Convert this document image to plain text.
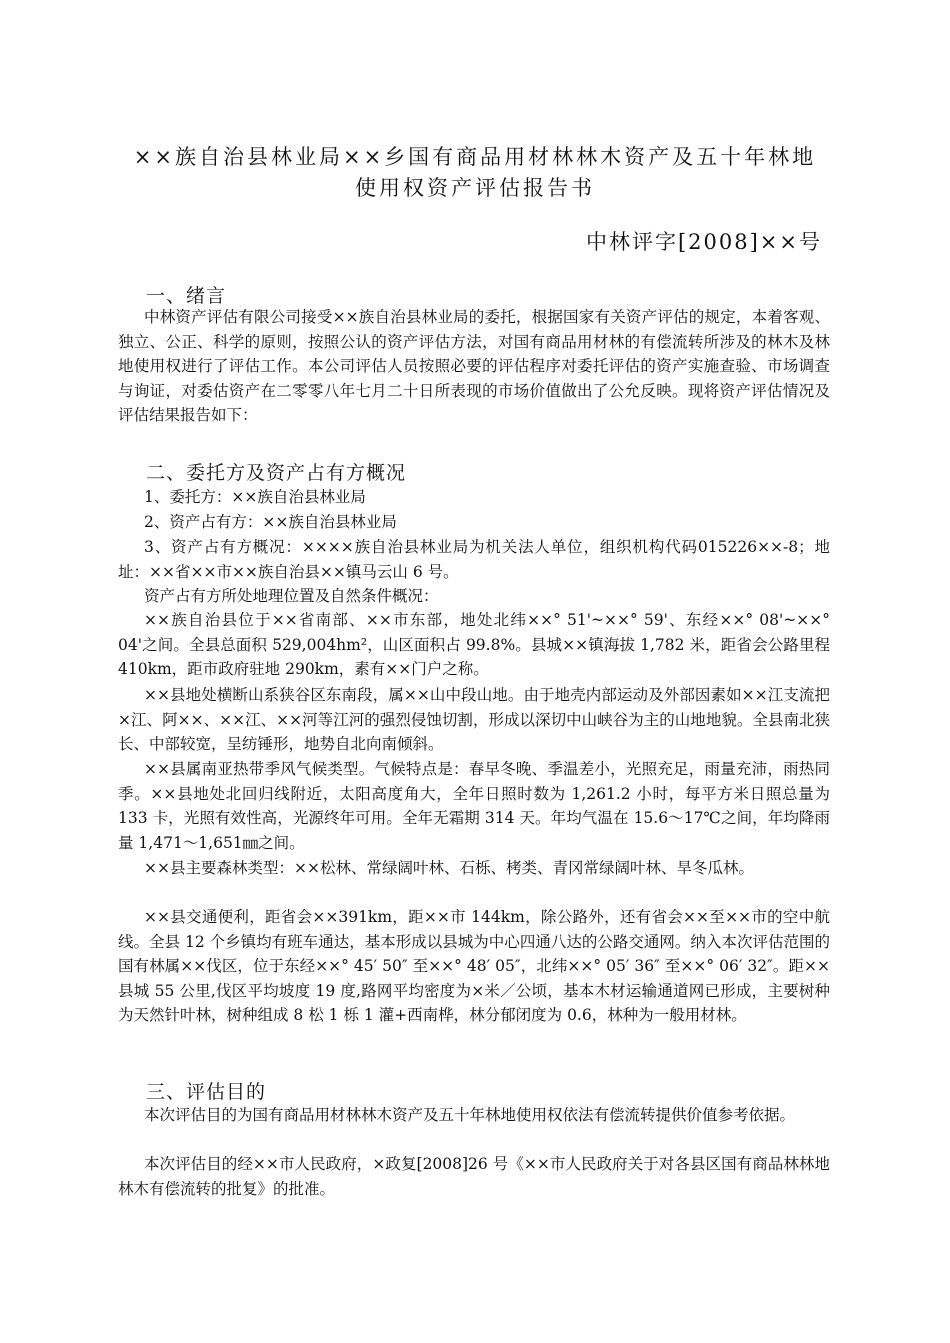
××族自治县林业局××乡国有商品用材林林木资产及五十年林地
使用权资产评估报告书
中林评字[2008]××号
一、绪言

中林资产评估有限公司接受××族自治县林业局的委托，根据国家有关资产评估的规定，本着客观、独立、公正、科学的原则，按照公认的资产评估方法，对国有商品用材林的有偿流转所涉及的林木及林地使用权进行了评估工作。本公司评估人员按照必要的评估程序对委托评估的资产实施查验、市场调查与询证，对委估资产在二零零八年七月二十日所表现的市场价值做出了公允反映。现将资产评估情况及评估结果报告如下：

二、委托方及资产占有方概况

1、委托方：××族自治县林业局

2、资产占有方：××族自治县林业局

3、资产占有方概况：××××族自治县林业局为机关法人单位，组织机构代码015226××-8；地址：××省××市××族自治县××镇马云山 6 号。

资产占有方所处地理位置及自然条件概况：

××族自治县位于××省南部、××市东部，地处北纬××° 51'~××° 59'、东经××° 08'~××° 04'之间。全县总面积 529,004hm²，山区面积占 99.8%。县城××镇海拔 1,782 米，距省会公路里程 410km，距市政府驻地 290km，素有××门户之称。

××县地处横断山系狭谷区东南段，属××山中段山地。由于地壳内部运动及外部因素如××江支流把×江、阿××、××江、××河等江河的强烈侵蚀切割，形成以深切中山峡谷为主的山地地貌。全县南北狭长、中部较宽，呈纺锤形，地势自北向南倾斜。

××县属南亚热带季风气候类型。气候特点是：春早冬晚、季温差小，光照充足，雨量充沛，雨热同季。××县地处北回归线附近，太阳高度角大，全年日照时数为 1,261.2 小时，每平方米日照总量为 133 卡，光照有效性高，光源终年可用。全年无霜期 314 天。年均气温在 15.6～17℃之间，年均降雨量 1,471～1,651㎜之间。

××县主要森林类型：××松林、常绿阔叶林、石栎、栲类、青冈常绿阔叶林、旱冬瓜林。

××县交通便利，距省会××391km，距××市 144km，除公路外，还有省会××至××市的空中航线。全县 12 个乡镇均有班车通达，基本形成以县城为中心四通八达的公路交通网。纳入本次评估范围的国有林属××伐区，位于东经××° 45′ 50″ 至××° 48′ 05″，北纬××° 05′ 36″ 至××° 06′ 32″。距××县城 55 公里,伐区平均坡度 19 度,路网平均密度为×米／公顷，基本木材运输通道网已形成，主要树种为天然针叶林，树种组成 8 松 1 栎 1 灌+西南桦，林分郁闭度为 0.6，林种为一般用材林。

三、评估目的

本次评估目的为国有商品用材林林木资产及五十年林地使用权依法有偿流转提供价值参考依据。

本次评估目的经××市人民政府，×政复[2008]26 号《××市人民政府关于对各县区国有商品林林地林木有偿流转的批复》的批准。
